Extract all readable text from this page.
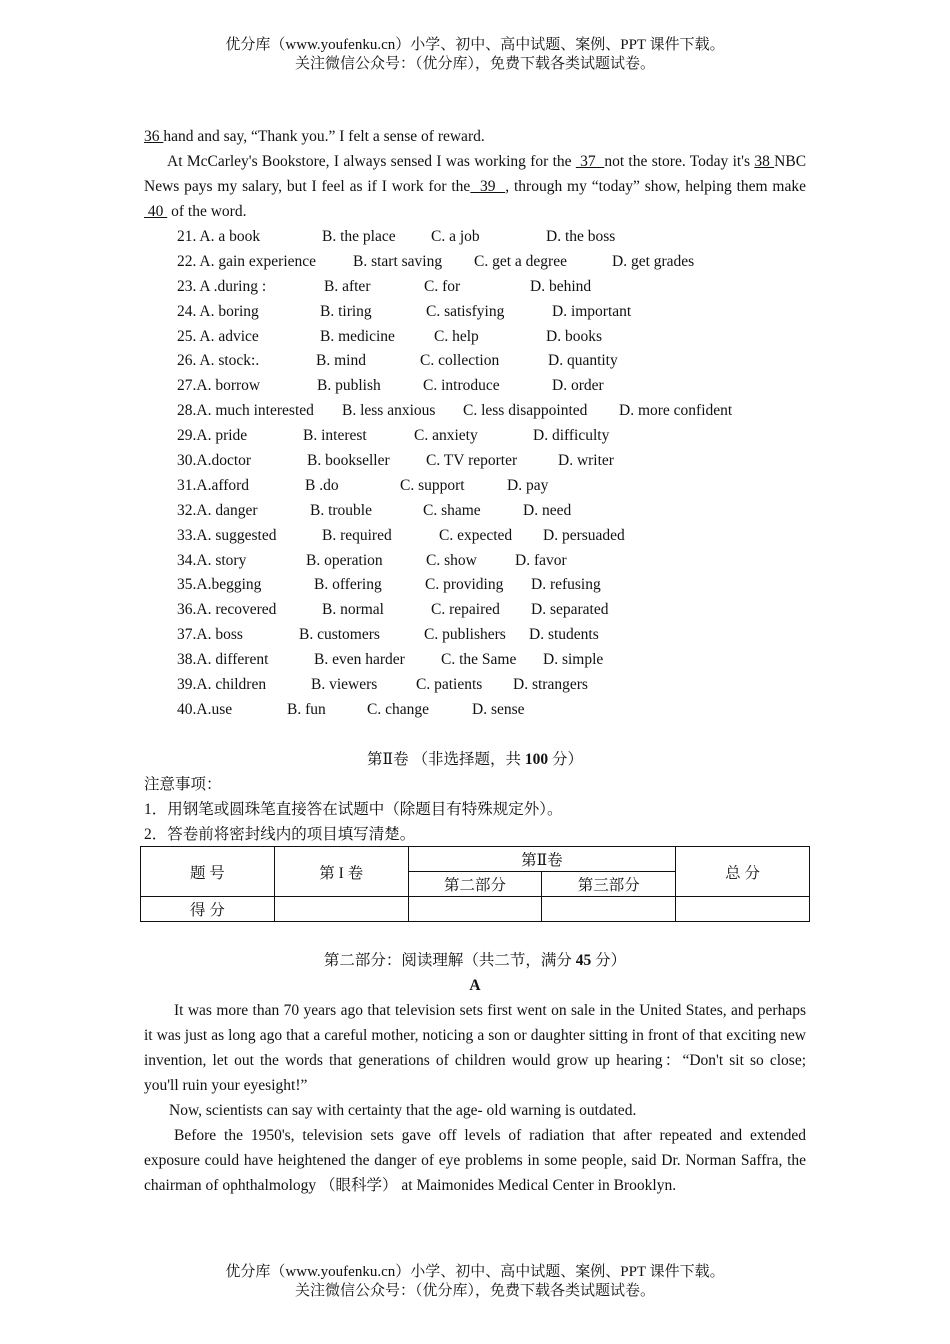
优分库（www.youfenku.cn）小学、初中、高中试题、案例、PPT 课件下载。
关注微信公众号：（优分库），免费下载各类试题试卷。

36 hand and say, “Thank you.” I felt a sense of reward.

At McCarley's Bookstore, I always sensed I was working for the  37  not the store. Today it's 38 NBC News pays my salary, but I feel as if I work for the  39  , through my “today” show, helping them make  40  of the word.

21. A. a book	B. the place	C. a job	D. the boss
22. A. gain experience	B. start saving	C. get a degree	D. get grades
23. A .during :	B. after	C. for	D. behind
24. A. boring	B. tiring	C. satisfying	D. important
25. A. advice	B. medicine	C. help	D. books
26. A. stock:.	B. mind	C. collection	D. quantity
27.A. borrow	B. publish	C. introduce	D. order
28.A. much interested	B. less anxious	C. less disappointed	D. more confident
29.A. pride	B. interest	C. anxiety	D. difficulty
30.A.doctor	B. bookseller	C. TV reporter	D. writer
31.A.afford	B .do	C. support	D. pay
32.A. danger	B. trouble	C. shame	D. need
33.A. suggested	B. required	C. expected	D. persuaded
34.A. story	B. operation	C. show	D. favor
35.A.begging	B. offering	C. providing	D. refusing
36.A. recovered	B. normal	C. repaired	D. separated
37.A. boss	B. customers	C. publishers	D. students
38.A. different	B. even harder	C. the Same	D. simple
39.A. children	B. viewers	C. patients	D. strangers
40.A.use	B. fun	C. change	D. sense
第Ⅱ卷 （非选择题，共 100 分）
注意事项：
1．用钢笔或圆珠笔直接答在试题中（除题目有特殊规定外）。
2．答卷前将密封线内的项目填写清楚。
题 号	第 I 卷	第Ⅱ卷		总 分
		第二部分	第三部分	
得 分				
第二部分：阅读理解（共二节，满分 45 分）
A

It was more than 70 years ago that television sets first went on sale in the United States, and perhaps it was just as long ago that a careful mother, noticing a son or daughter sitting in front of that exciting new invention, let out the words that generations of children would grow up hearing：“Don't sit so close; you'll ruin your eyesight!”

Now, scientists can say with certainty that the age- old warning is outdated.

Before the 1950's, television sets gave off levels of radiation that after repeated and extended exposure could have heightened the danger of eye problems in some people, said Dr. Norman Saffra, the chairman of ophthalmology （眼科学） at Maimonides Medical Center in Brooklyn.

优分库（www.youfenku.cn）小学、初中、高中试题、案例、PPT 课件下载。
关注微信公众号：（优分库），免费下载各类试题试卷。
